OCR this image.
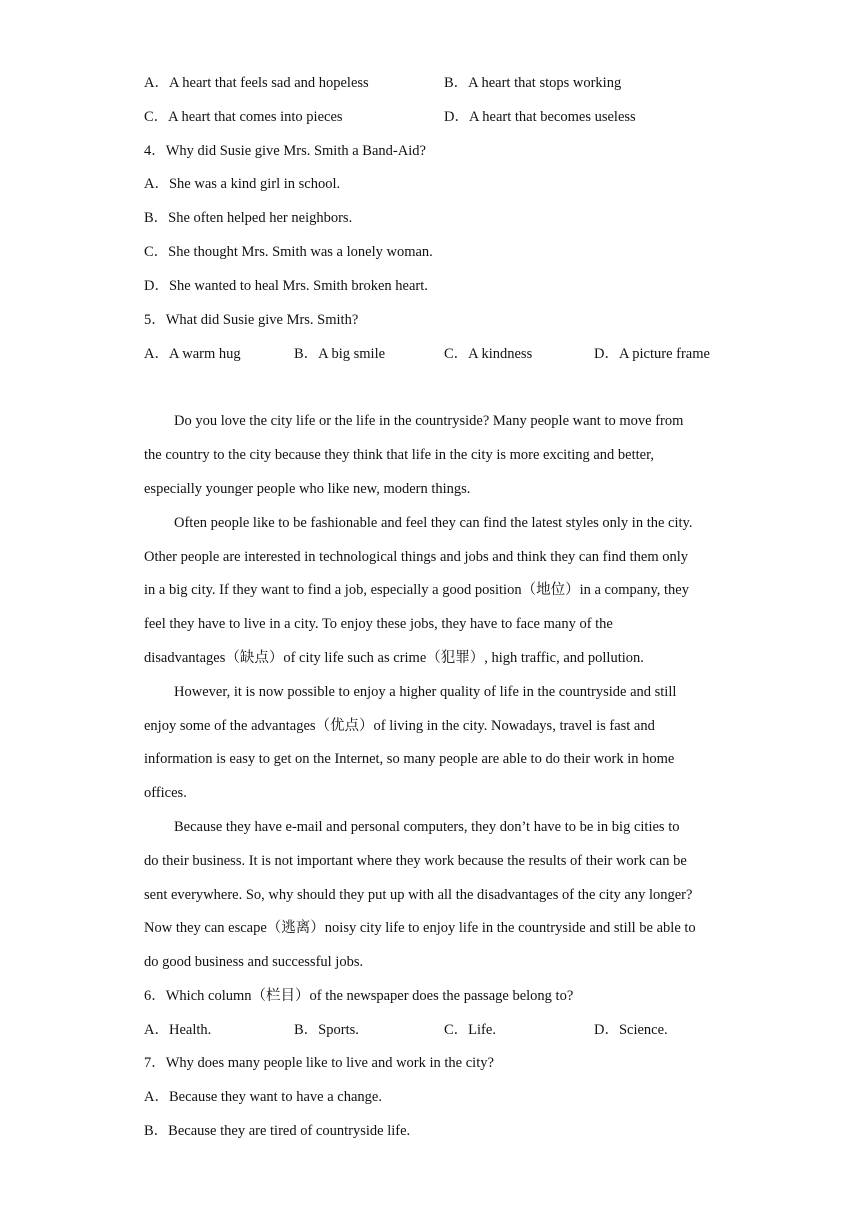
A．A heart that feels sad and hopeless	B．A heart that stops working
C．A heart that comes into pieces	D．A heart that becomes useless
4．Why did Susie give Mrs. Smith a Band-Aid?
A．She was a kind girl in school.
B．She often helped her neighbors.
C．She thought Mrs. Smith was a lonely woman.
D．She wanted to heal Mrs. Smith broken heart.
5．What did Susie give Mrs. Smith?
A．A warm hug	B．A big smile	C．A kindness	D．A picture frame
Do you love the city life or the life in the countryside? Many people want to move from
the country to the city because they think that life in the city is more exciting and better,
especially younger people who like new, modern things.
Often people like to be fashionable and feel they can find the latest styles only in the city.
Other people are interested in technological things and jobs and think they can find them only
in a big city. If they want to find a job, especially a good position（地位）in a company, they
feel they have to live in a city. To enjoy these jobs, they have to face many of the
disadvantages（缺点）of city life such as crime（犯罪）, high traffic, and pollution.
However, it is now possible to enjoy a higher quality of life in the countryside and still
enjoy some of the advantages（优点）of living in the city. Nowadays, travel is fast and
information is easy to get on the Internet, so many people are able to do their work in home
offices.
Because they have e-mail and personal computers, they don’t have to be in big cities to
do their business. It is not important where they work because the results of their work can be
sent everywhere. So, why should they put up with all the disadvantages of the city any longer?
Now they can escape（逃离）noisy city life to enjoy life in the countryside and still be able to
do good business and successful jobs.
6．Which column（栏目）of the newspaper does the passage belong to?
A．Health.	B．Sports.	C．Life.	D．Science.
7．Why does many people like to live and work in the city?
A．Because they want to have a change.
B．Because they are tired of countryside life.
